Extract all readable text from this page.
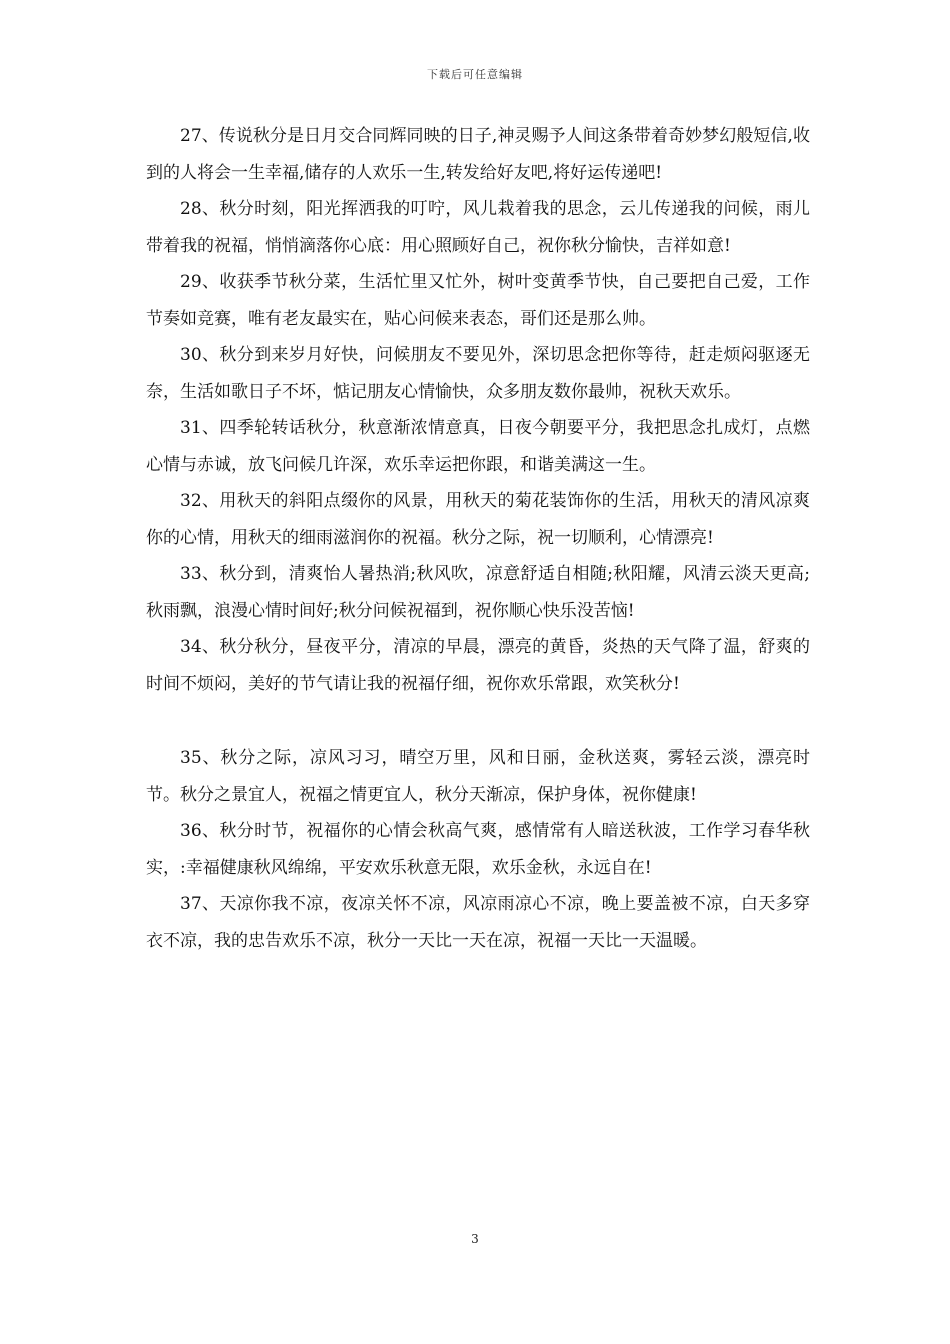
下载后可任意编辑

27、传说秋分是日月交合同辉同映的日子,神灵赐予人间这条带着奇妙梦幻般短信,收到的人将会一生幸福,储存的人欢乐一生,转发给好友吧,将好运传递吧!

28、秋分时刻，阳光挥洒我的叮咛，风儿栽着我的思念，云儿传递我的问候，雨儿带着我的祝福，悄悄滴落你心底：用心照顾好自己，祝你秋分愉快，吉祥如意!

29、收获季节秋分菜，生活忙里又忙外，树叶变黄季节快，自己要把自己爱，工作节奏如竞赛，唯有老友最实在，贴心问候来表态，哥们还是那么帅。

30、秋分到来岁月好快，问候朋友不要见外，深切思念把你等待，赶走烦闷驱逐无奈，生活如歌日子不坏，惦记朋友心情愉快，众多朋友数你最帅，祝秋天欢乐。

31、四季轮转话秋分，秋意渐浓情意真，日夜今朝要平分，我把思念扎成灯，点燃心情与赤诚，放飞问候几许深，欢乐幸运把你跟，和谐美满这一生。

32、用秋天的斜阳点缀你的风景，用秋天的菊花装饰你的生活，用秋天的清风凉爽你的心情，用秋天的细雨滋润你的祝福。秋分之际，祝一切顺利，心情漂亮!

33、秋分到，清爽怡人暑热消;秋风吹，凉意舒适自相随;秋阳耀，风清云淡天更高;秋雨飘，浪漫心情时间好;秋分问候祝福到，祝你顺心快乐没苦恼!

34、秋分秋分，昼夜平分，清凉的早晨，漂亮的黄昏，炎热的天气降了温，舒爽的时间不烦闷，美好的节气请让我的祝福仔细，祝你欢乐常跟，欢笑秋分!

35、秋分之际，凉风习习，晴空万里，风和日丽，金秋送爽，雾轻云淡，漂亮时节。秋分之景宜人，祝福之情更宜人，秋分天渐凉，保护身体，祝你健康!

36、秋分时节，祝福你的心情会秋高气爽，感情常有人暗送秋波，工作学习春华秋实，:幸福健康秋风绵绵，平安欢乐秋意无限，欢乐金秋，永远自在!

37、天凉你我不凉，夜凉关怀不凉，风凉雨凉心不凉，晚上要盖被不凉，白天多穿衣不凉，我的忠告欢乐不凉，秋分一天比一天在凉，祝福一天比一天温暖。

3
